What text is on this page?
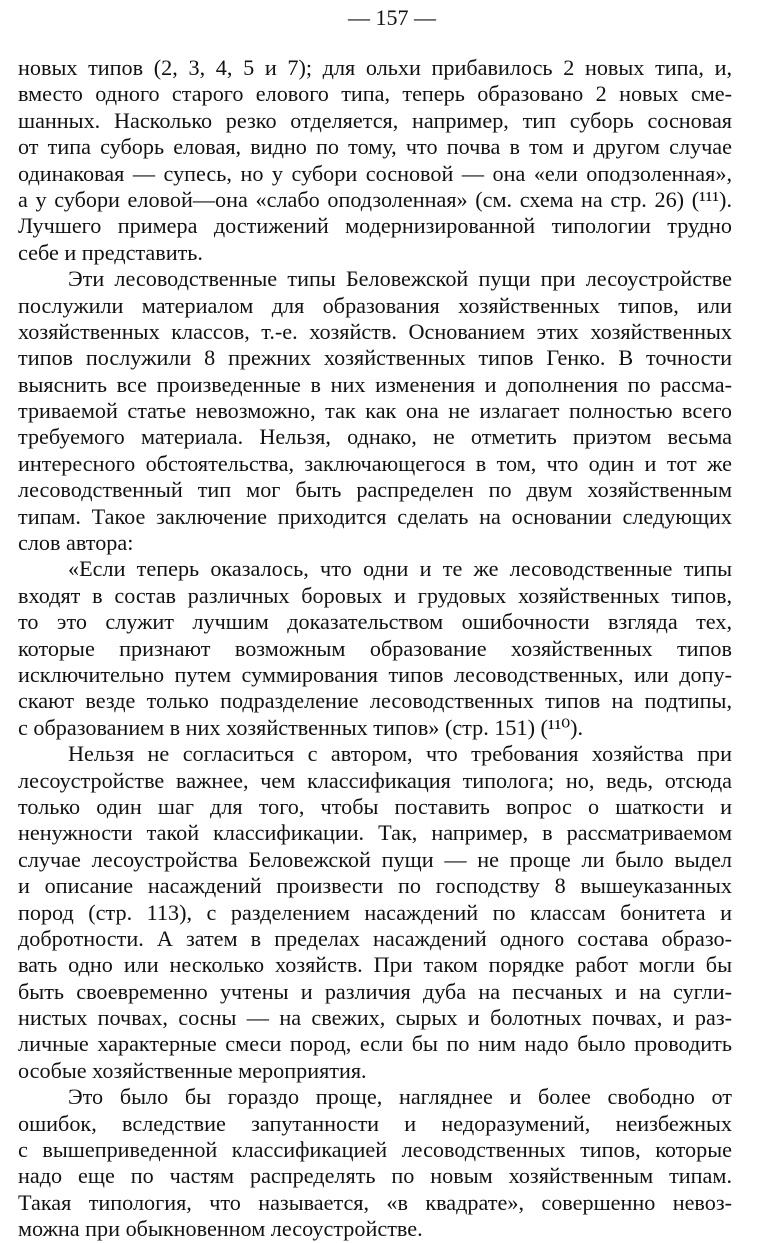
— 157 —
новых типов (2, 3, 4, 5 и 7); для ольхи прибавилось 2 новых типа, и,
вместо одного старого елового типа, теперь образовано 2 новых сме-
шанных. Насколько резко отделяется, например, тип суборь сосновая
от типа суборь еловая, видно по тому, что почва в том и другом случае
одинаковая — супесь, но у субори сосновой — она «ели оподзоленная»,
а у субори еловой—она «слабо оподзоленная» (см. схема на стр. 26) (¹¹¹).
Лучшего примера достижений модернизированной типологии трудно
себе и представить.
Эти лесоводственные типы Беловежской пущи при лесоустройстве
послужили материалом для образования хозяйственных типов, или
хозяйственных классов, т.-е. хозяйств. Основанием этих хозяйственных
типов послужили 8 прежних хозяйственных типов Генко. В точности
выяснить все произведенные в них изменения и дополнения по рассма-
триваемой статье невозможно, так как она не излагает полностью всего
требуемого материала. Нельзя, однако, не отметить приэтом весьма
интересного обстоятельства, заключающегося в том, что один и тот же
лесоводственный тип мог быть распределен по двум хозяйственным
типам. Такое заключение приходится сделать на основании следующих
слов автора:
«Если теперь оказалось, что одни и те же лесоводственные типы
входят в состав различных боровых и грудовых хозяйственных типов,
то это служит лучшим доказательством ошибочности взгляда тех,
которые признают возможным образование хозяйственных типов
исключительно путем суммирования типов лесоводственных, или допу-
скают везде только подразделение лесоводственных типов на подтипы,
с образованием в них хозяйственных типов» (стр. 151) (¹¹⁰).
Нельзя не согласиться с автором, что требования хозяйства при
лесоустройстве важнее, чем классификация типолога; но, ведь, отсюда
только один шаг для того, чтобы поставить вопрос о шаткости и
ненужности такой классификации. Так, например, в рассматриваемом
случае лесоустройства Беловежской пущи — не проще ли было выдел
и описание насаждений произвести по господству 8 вышеуказанных
пород (стр. 113), с разделением насаждений по классам бонитета и
добротности. А затем в пределах насаждений одного состава образо-
вать одно или несколько хозяйств. При таком порядке работ могли бы
быть своевременно учтены и различия дуба на песчаных и на сугли-
нистых почвах, сосны — на свежих, сырых и болотных почвах, и раз-
личные характерные смеси пород, если бы по ним надо было проводить
особые хозяйственные мероприятия.
Это было бы гораздо проще, нагляднее и более свободно от
ошибок, вследствие запутанности и недоразумений, неизбежных
с вышеприведенной классификацией лесоводственных типов, которые
надо еще по частям распределять по новым хозяйственным типам.
Такая типология, что называется, «в квадрате», совершенно невоз-
можна при обыкновенном лесоустройстве.
